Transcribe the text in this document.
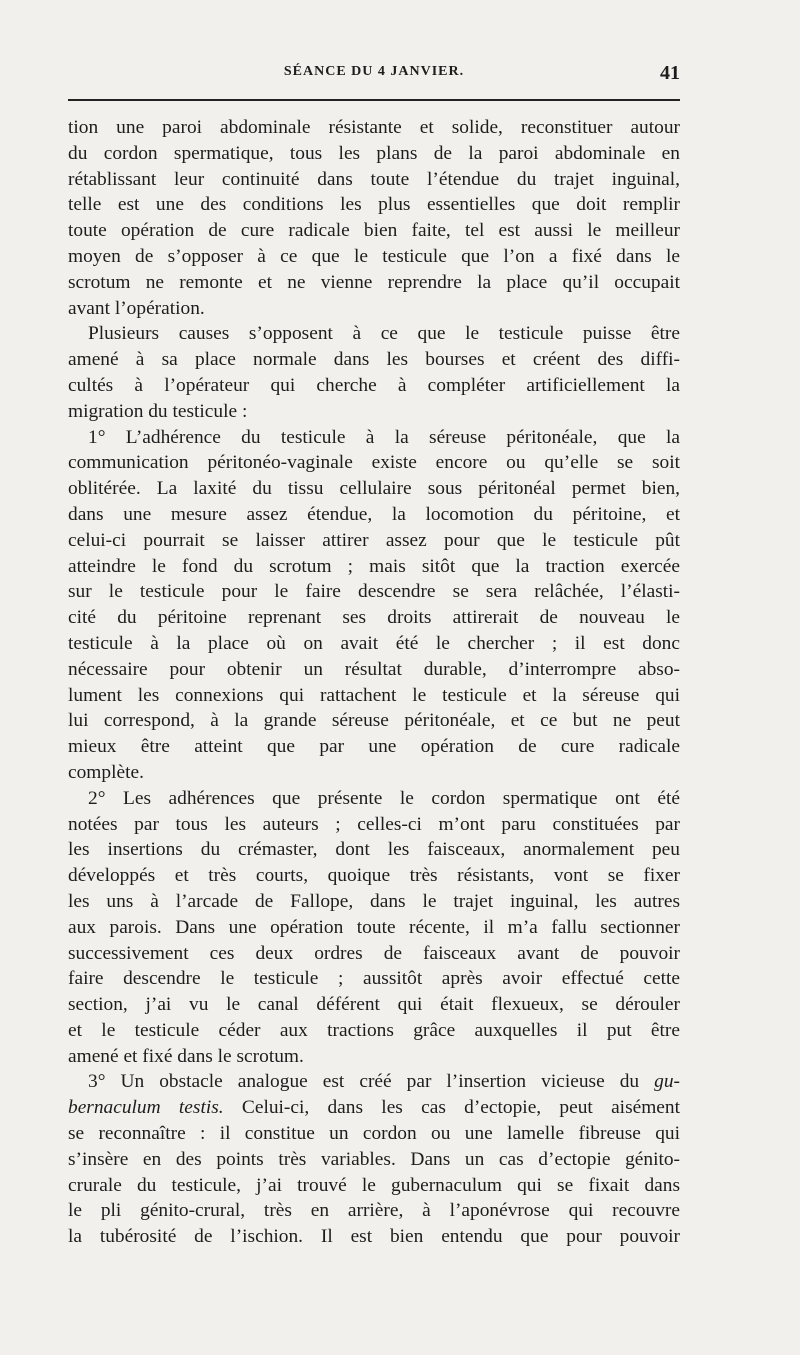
SÉANCE DU 4 JANVIER.	41
tion une paroi abdominale résistante et solide, reconstituer autour
du cordon spermatique, tous les plans de la paroi abdominale en
rétablissant leur continuité dans toute l’étendue du trajet inguinal,
telle est une des conditions les plus essentielles que doit remplir
toute opération de cure radicale bien faite, tel est aussi le meilleur
moyen de s’opposer à ce que le testicule que l’on a fixé dans le
scrotum ne remonte et ne vienne reprendre la place qu’il occupait
avant l’opération.
Plusieurs causes s’opposent à ce que le testicule puisse être
amené à sa place normale dans les bourses et créent des diffi-
cultés à l’opérateur qui cherche à compléter artificiellement la
migration du testicule :
1° L’adhérence du testicule à la séreuse péritonéale, que la
communication péritonéo-vaginale existe encore ou qu’elle se soit
oblitérée. La laxité du tissu cellulaire sous péritonéal permet bien,
dans une mesure assez étendue, la locomotion du péritoine, et
celui-ci pourrait se laisser attirer assez pour que le testicule pût
atteindre le fond du scrotum ; mais sitôt que la traction exercée
sur le testicule pour le faire descendre se sera relâchée, l’élasti-
cité du péritoine reprenant ses droits attirerait de nouveau le
testicule à la place où on avait été le chercher ; il est donc
nécessaire pour obtenir un résultat durable, d’interrompre abso-
lument les connexions qui rattachent le testicule et la séreuse qui
lui correspond, à la grande séreuse péritonéale, et ce but ne peut
mieux être atteint que par une opération de cure radicale
complète.
2° Les adhérences que présente le cordon spermatique ont été
notées par tous les auteurs ; celles-ci m’ont paru constituées par
les insertions du crémaster, dont les faisceaux, anormalement peu
développés et très courts, quoique très résistants, vont se fixer
les uns à l’arcade de Fallope, dans le trajet inguinal, les autres
aux parois. Dans une opération toute récente, il m’a fallu sectionner
successivement ces deux ordres de faisceaux avant de pouvoir
faire descendre le testicule ; aussitôt après avoir effectué cette
section, j’ai vu le canal déférent qui était flexueux, se dérouler
et le testicule céder aux tractions grâce auxquelles il put être
amené et fixé dans le scrotum.
3° Un obstacle analogue est créé par l’insertion vicieuse du gu-
bernaculum testis. Celui-ci, dans les cas d’ectopie, peut aisément
se reconnaître : il constitue un cordon ou une lamelle fibreuse qui
s’insère en des points très variables. Dans un cas d’ectopie génito-
crurale du testicule, j’ai trouvé le gubernaculum qui se fixait dans
le pli génito-crural, très en arrière, à l’aponévrose qui recouvre
la tubérosité de l’ischion. Il est bien entendu que pour pouvoir
